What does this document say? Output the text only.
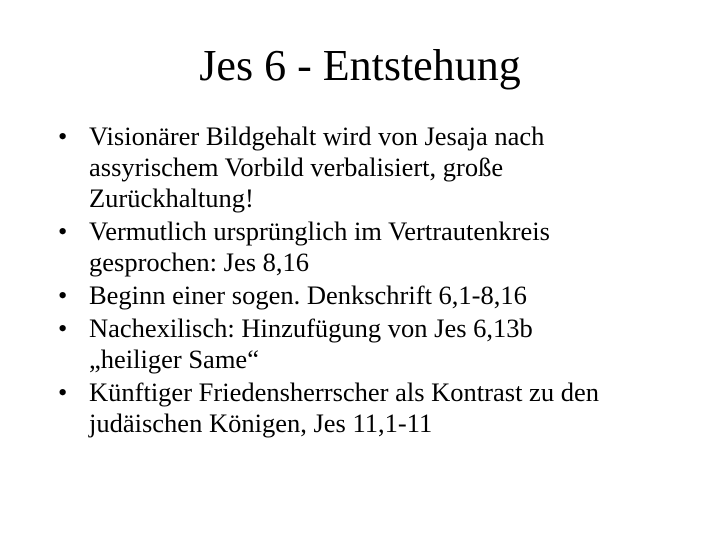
Jes 6 - Entstehung
• Visionärer Bildgehalt wird von Jesaja nach
assyrischem Vorbild verbalisiert, große
Zurückhaltung!
• Vermutlich ursprünglich im Vertrautenkreis
gesprochen: Jes 8,16
• Beginn einer sogen. Denkschrift 6,1-8,16
• Nachexilisch: Hinzufügung von Jes 6,13b
„heiliger Same“
• Künftiger Friedensherrscher als Kontrast zu den
judäischen Königen, Jes 11,1-11
